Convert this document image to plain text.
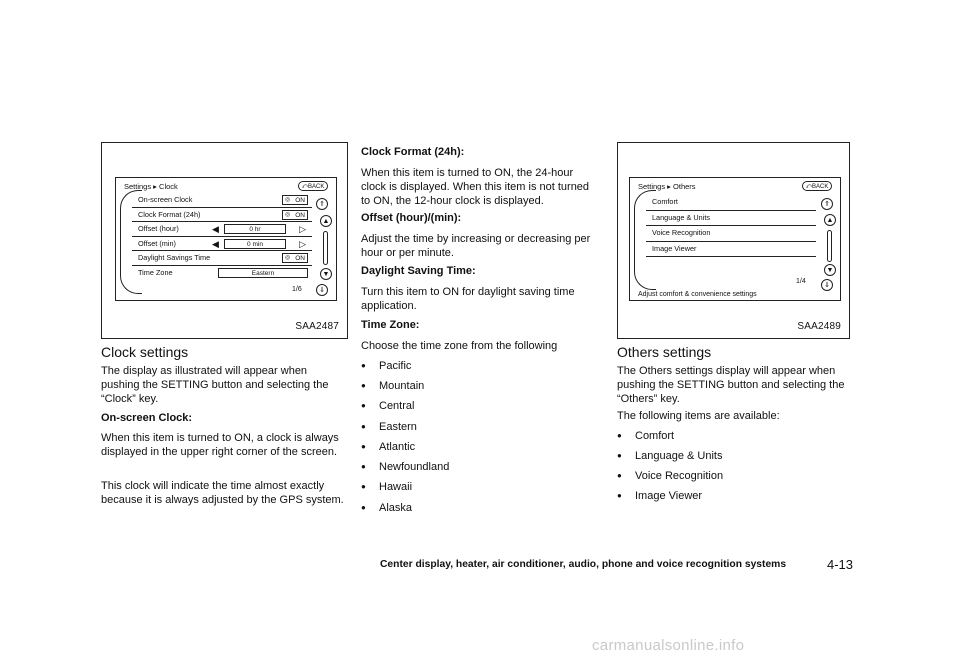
Settings ▸ Clock	⤺BACK
On-screen Clock	◎ ON
Clock Format (24h)	◎ ON
Offset (hour)	◀	0 hr	▷
Offset (min)	◀	0 min	▷
Daylight Savings Time	◎ ON
Time Zone	Eastern
1/6
⇑
▲
▼
⇓
SAA2487
Clock settings

The display as illustrated will appear when pushing the SETTING button and selecting the “Clock” key.

On-screen Clock:

When this item is turned to ON, a clock is always displayed in the upper right corner of the screen.

This clock will indicate the time almost exactly because it is always adjusted by the GPS system.

Clock Format (24h):

When this item is turned to ON, the 24-hour clock is displayed. When this item is not turned to ON, the 12-hour clock is displayed.

Offset (hour)/(min):

Adjust the time by increasing or decreasing per hour or per minute.

Daylight Saving Time:

Turn this item to ON for daylight saving time application.

Time Zone:

Choose the time zone from the following

● Pacific
● Mountain
● Central
● Eastern
● Atlantic
● Newfoundland
● Hawaii
● Alaska
Settings ▸ Others	⤺BACK
Comfort
Language & Units
Voice Recognition
Image Viewer
1/4
⇑
▲
▼
⇓
Adjust comfort & convenience settings
SAA2489
Others settings

The Others settings display will appear when pushing the SETTING button and selecting the “Others” key.

The following items are available:

● Comfort
● Language & Units
● Voice Recognition
● Image Viewer
Center display, heater, air conditioner, audio, phone and voice recognition systems	4-13
carmanualsonline.info
